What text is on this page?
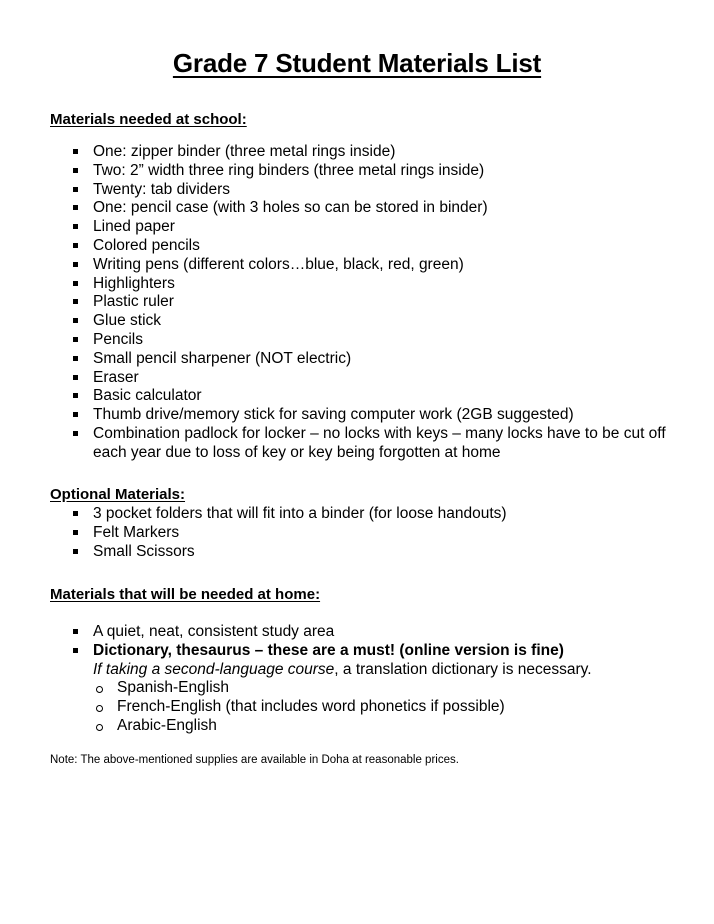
Grade 7 Student Materials List
Materials needed at school:
One: zipper binder (three metal rings inside)
Two: 2” width three ring binders (three metal rings inside)
Twenty: tab dividers
One: pencil case (with 3 holes so can be stored in binder)
Lined paper
Colored pencils
Writing pens (different colors…blue, black, red, green)
Highlighters
Plastic ruler
Glue stick
Pencils
Small pencil sharpener (NOT electric)
Eraser
Basic calculator
Thumb drive/memory stick for saving computer work (2GB suggested)
Combination padlock for locker – no locks with keys – many locks have to be cut off each year due to loss of key or key being forgotten at home
Optional Materials:
3 pocket folders that will fit into a binder (for loose handouts)
Felt Markers
Small Scissors
Materials that will be needed at home:
A quiet, neat, consistent study area
Dictionary, thesaurus – these are a must! (online version is fine)
If taking a second-language course, a translation dictionary is necessary.
Spanish-English
French-English (that includes word phonetics if possible)
Arabic-English

Note: The above-mentioned supplies are available in Doha at reasonable prices.
